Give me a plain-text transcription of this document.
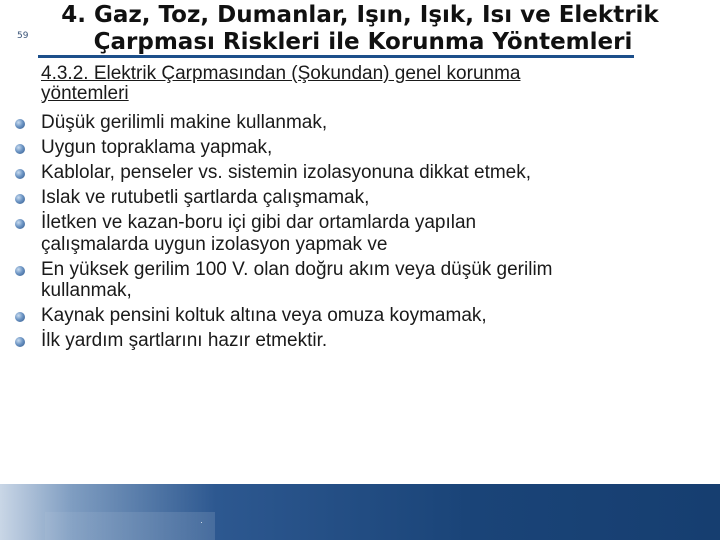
4. Gaz, Toz, Dumanlar, Işın, Işık, Isı ve Elektrik
Çarpması Riskleri ile Korunma Yöntemleri
4.3.2. Elektrik Çarpmasından (Şokundan) genel korunma yöntemleri
Düşük gerilimli makine kullanmak,
Uygun topraklama yapmak,
Kablolar, penseler vs. sistemin izolasyonuna dikkat etmek,
Islak ve rutubetli şartlarda çalışmamak,
İletken ve kazan-boru içi gibi dar ortamlarda yapılan çalışmalarda uygun izolasyon yapmak ve
En yüksek gerilim 100 V. olan doğru akım veya düşük gerilim kullanmak,
Kaynak pensini koltuk altına veya omuza koymamak,
İlk yardım şartlarını hazır etmektir.
59
